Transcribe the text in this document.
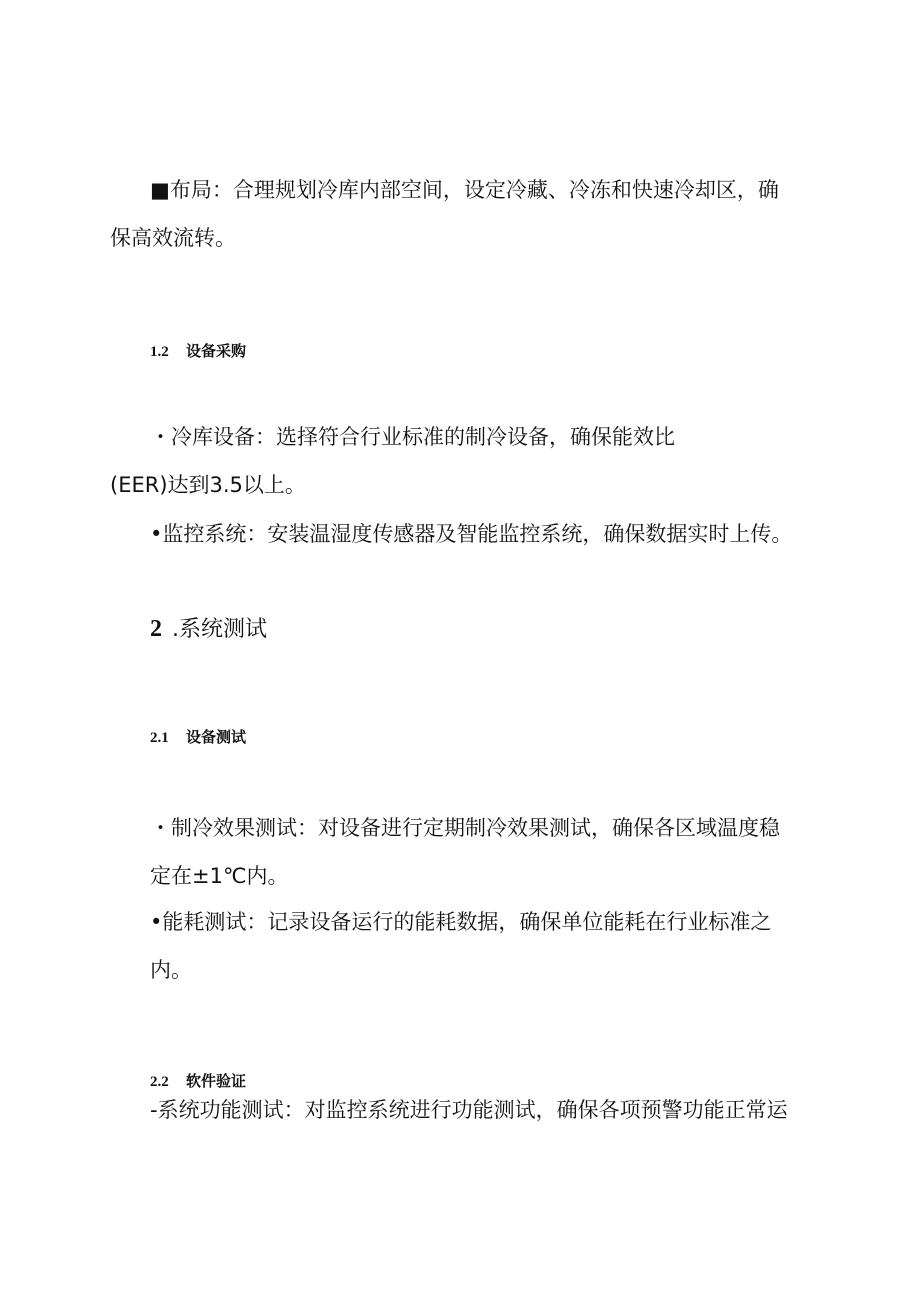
■布局：合理规划冷库内部空间，设定冷藏、冷冻和快速冷却区，确
保高效流转。

1.2 设备采购

・冷库设备：选择符合行业标准的制冷设备，确保能效比
(EER)达到3.5以上。

•监控系统：安装温湿度传感器及智能监控系统，确保数据实时上传。

2 .系统测试
2.1 设备测试

・制冷效果测试：对设备进行定期制冷效果测试，确保各区域温度稳
定在±1℃内。

•能耗测试：记录设备运行的能耗数据，确保单位能耗在行业标准之
内。

2.2 软件验证

-系统功能测试：对监控系统进行功能测试，确保各项预警功能正常运
